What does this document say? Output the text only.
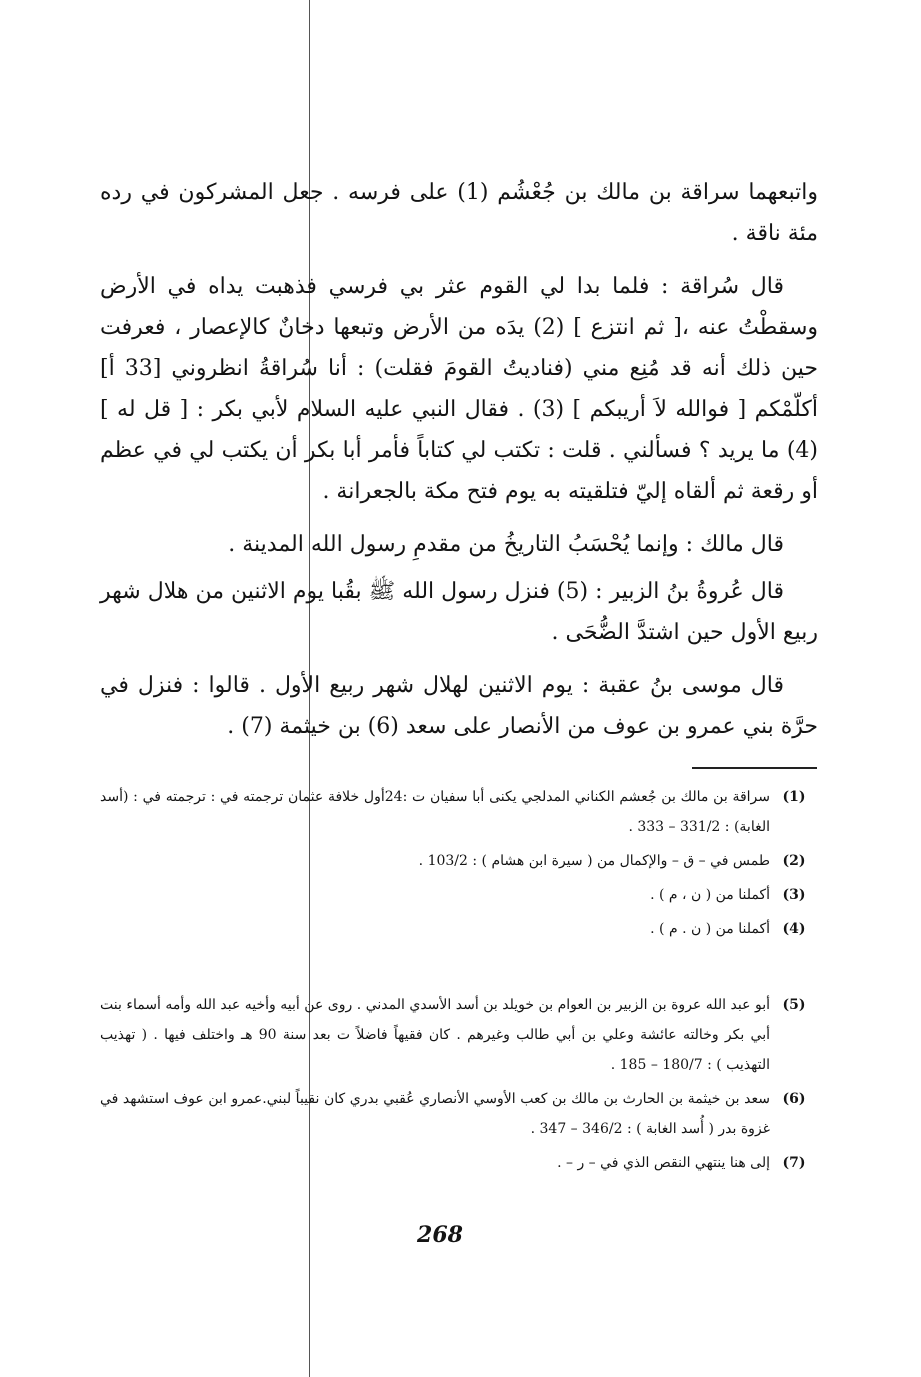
واتبعهما سراقة بن مالك بن جُعْشُم (1) على فرسه . جعل المشركون في رده مئة ناقة .

قال سُراقة : فلما بدا لي القوم عثر بي فرسي فذهبت يداه في الأرض وسقطْتُ عنه ،[ ثم انتزع ] (2) يدَه من الأرض وتبعها دخانٌ كالإعصار ، فعرفت حين ذلك أنه قد مُنِع مني (فناديتُ القومَ فقلت) : أنا سُراقةُ انظروني [33 أ] أكلّمْكم [ فوالله لاَ أريبكم ] (3) . فقال النبي عليه السلام لأبي بكر : [ قل له ] (4) ما يريد ؟ فسألني . قلت : تكتب لي كتاباً فأمر أبا بكر أن يكتب لي في عظم أو رقعة ثم ألقاه إليّ فتلقيته به يوم فتح مكة بالجعرانة .

قال مالك : وإنما يُحْسَبُ التاريخُ من مقدمِ رسول الله المدينة .

قال عُروةُ بنُ الزبير : (5) فنزل رسول الله ﷺ بقُبا يوم الاثنين من هلال شهر ربيع الأول حين اشتدَّ الضُّحَى .

قال موسى بنُ عقبة : يوم الاثنين لهلال شهر ربيع الأول . قالوا : فنزل في حرَّة بني عمرو بن عوف من الأنصار على سعد (6) بن خيثمة (7) .

(1)
سراقة بن مالك بن جُعشم الكناني المدلجي يكنى أبا سفيان ت :24أول خلافة عثمان ترجمته في : ترجمته في : (أسد الغابة) : 331/2 – 333 .
(2)
طمس في – ق – والإكمال من ( سيرة ابن هشام ) : 103/2 .
(3)
أكملنا من ( ن ، م ) .
(4)
أكملنا من ( ن . م ) .
(5)
أبو عبد الله عروة بن الزبير بن العوام بن خويلد بن أسد الأسدي المدني . روى عن أبيه وأخيه عبد الله وأمه أسماء بنت أبي بكر وخالته عائشة وعلي بن أبي طالب وغيرهم . كان فقيهاً فاضلاً ت بعد سنة 90 هـ واختلف فيها . ( تهذيب التهذيب ) : 180/7 – 185 .
(6)
سعد بن خيثمة بن الحارث بن مالك بن كعب الأوسي الأنصاري عُقبي بدري كان نقيباً لبني.عمرو ابن عوف استشهد في غزوة بدر ( أُسد الغابة ) : 346/2 – 347 .
(7)
إلى هنا ينتهي النقص الذي في – ر – .
268
